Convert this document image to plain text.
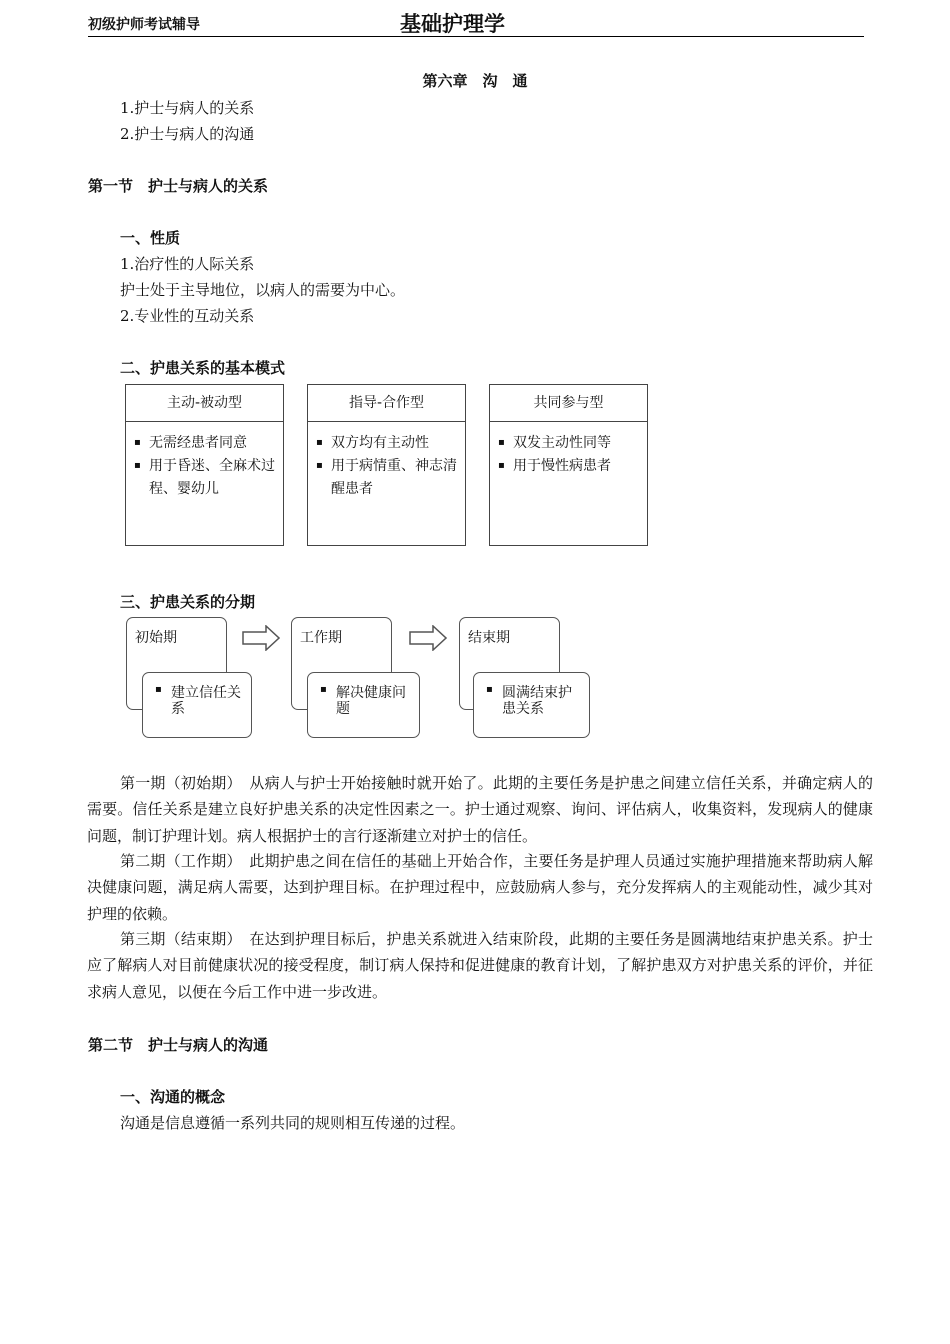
初级护师考试辅导	基础护理学
第六章　沟　通
1.护士与病人的关系
2.护士与病人的沟通
第一节　护士与病人的关系
一、性质
1.治疗性的人际关系
护士处于主导地位，以病人的需要为中心。
2.专业性的互动关系
二、护患关系的基本模式
主动-被动型
▪ 无需经患者同意
▪ 用于昏迷、全麻术过程、婴幼儿
指导-合作型
▪ 双方均有主动性
▪ 用于病情重、神志清醒患者
共同参与型
▪ 双发主动性同等
▪ 用于慢性病患者
三、护患关系的分期
初始期
▪ 建立信任关系
工作期
▪ 解决健康问题
结束期
▪ 圆满结束护患关系
第一期（初始期）　从病人与护士开始接触时就开始了。此期的主要任务是护患之间建立信任关系，并确定病人的需要。信任关系是建立良好护患关系的决定性因素之一。护士通过观察、询问、评估病人，收集资料，发现病人的健康问题，制订护理计划。病人根据护士的言行逐渐建立对护士的信任。
第二期（工作期）　此期护患之间在信任的基础上开始合作，主要任务是护理人员通过实施护理措施来帮助病人解决健康问题，满足病人需要，达到护理目标。在护理过程中，应鼓励病人参与，充分发挥病人的主观能动性，减少其对护理的依赖。
第三期（结束期）　在达到护理目标后，护患关系就进入结束阶段，此期的主要任务是圆满地结束护患关系。护士应了解病人对目前健康状况的接受程度，制订病人保持和促进健康的教育计划，了解护患双方对护患关系的评价，并征求病人意见，以便在今后工作中进一步改进。
第二节　护士与病人的沟通
一、沟通的概念
沟通是信息遵循一系列共同的规则相互传递的过程。
